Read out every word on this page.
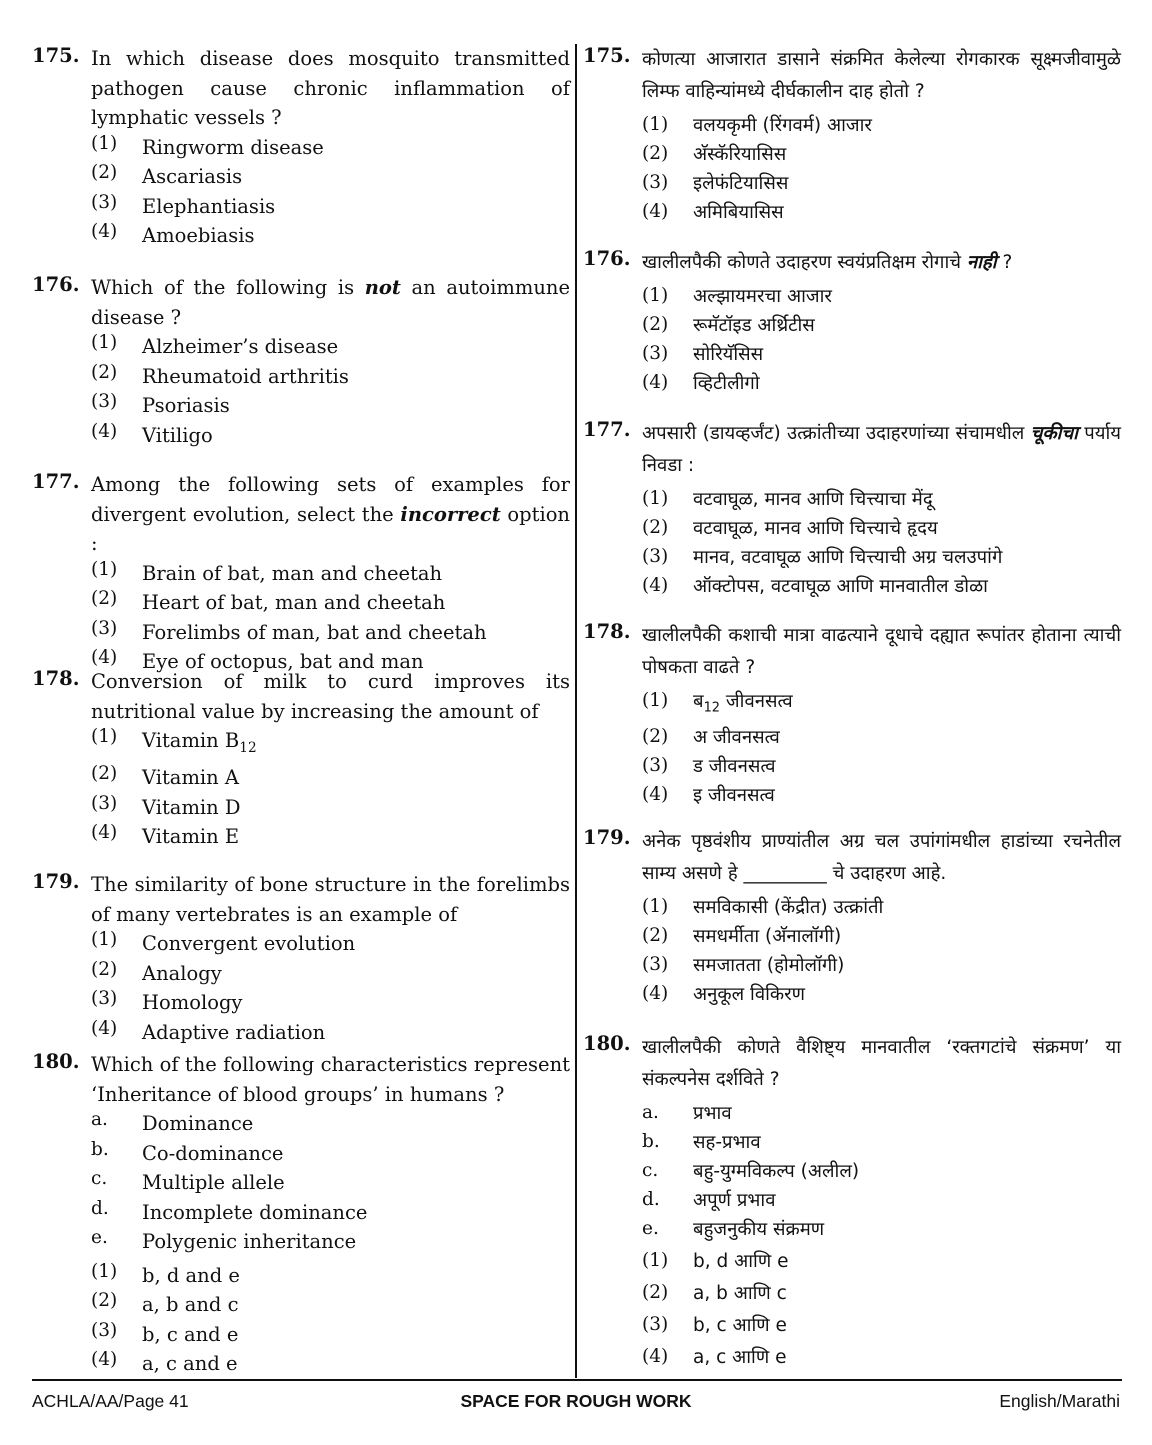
175. In which disease does mosquito transmitted pathogen cause chronic inflammation of lymphatic vessels ?
(1)	Ringworm disease
(2)	Ascariasis
(3)	Elephantiasis
(4)	Amoebiasis
176. Which of the following is not an autoimmune disease ?
(1)	Alzheimer’s disease
(2)	Rheumatoid arthritis
(3)	Psoriasis
(4)	Vitiligo
177. Among the following sets of examples for divergent evolution, select the incorrect option :
(1)	Brain of bat, man and cheetah
(2)	Heart of bat, man and cheetah
(3)	Forelimbs of man, bat and cheetah
(4)	Eye of octopus, bat and man
178. Conversion of milk to curd improves its nutritional value by increasing the amount of
(1)	Vitamin $B_{12}$
(2)	Vitamin A
(3)	Vitamin D
(4)	Vitamin E
179. The similarity of bone structure in the forelimbs of many vertebrates is an example of
(1)	Convergent evolution
(2)	Analogy
(3)	Homology
(4)	Adaptive radiation
180. Which of the following characteristics represent ‘Inheritance of blood groups’ in humans ?
a.	Dominance
b.	Co-dominance
c.	Multiple allele
d.	Incomplete dominance
e.	Polygenic inheritance
(1)	b, d and e
(2)	a, b and c
(3)	b, c and e
(4)	a, c and e
175. कोणत्या आजारात डासाने संक्रमित केलेल्या रोगकारक सूक्ष्मजीवामुळे लिम्फ वाहिन्यांमध्ये दीर्घकालीन दाह होतो ?
(1)	वलयकृमी (रिंगवर्म) आजार
(2)	अ‍ॅस्कॅरियासिस
(3)	इलेफंटियासिस
(4)	अमिबियासिस
176. खालीलपैकी कोणते उदाहरण स्वयंप्रतिक्षम रोगाचे नाही ?
(1)	अल्झायमरचा आजार
(2)	रूमॅटॉइड अर्थ्रिटीस
(3)	सोरियॅसिस
(4)	व्हिटीलीगो
177. अपसारी (डायव्हर्जंट) उत्क्रांतीच्या उदाहरणांच्या संचामधील चूकीचा पर्याय निवडा :
(1)	वटवाघूळ, मानव आणि चित्त्याचा मेंदू
(2)	वटवाघूळ, मानव आणि चित्त्याचे हृदय
(3)	मानव, वटवाघूळ आणि चित्त्याची अग्र चलउपांगे
(4)	ऑक्टोपस, वटवाघूळ आणि मानवातील डोळा
178. खालीलपैकी कशाची मात्रा वाढत्याने दूधाचे दह्यात रूपांतर होताना त्याची पोषकता वाढते ?
(1)	ब$_{12}$ जीवनसत्व
(2)	अ जीवनसत्व
(3)	ड जीवनसत्व
(4)	इ जीवनसत्व
179. अनेक पृष्ठवंशीय प्राण्यांतील अग्र चल उपांगांमधील हाडांच्या रचनेतील साम्य असणे हे _________ चे उदाहरण आहे.
(1)	समविकासी (केंद्रीत) उत्क्रांती
(2)	समधर्मीता (अ‍ॅनालॉगी)
(3)	समजातता (होमोलॉगी)
(4)	अनुकूल विकिरण
180. खालीलपैकी कोणते वैशिष्ट्य मानवातील ‘रक्तगटांचे संक्रमण’ या संकल्पनेस दर्शविते ?
a.	प्रभाव
b.	सह-प्रभाव
c.	बहु-युग्मविकल्प (अलील)
d.	अपूर्ण प्रभाव
e.	बहुजनुकीय संक्रमण
(1)	b, d आणि e
(2)	a, b आणि c
(3)	b, c आणि e
(4)	a, c आणि e
ACHLA/AA/Page 41	SPACE FOR ROUGH WORK	English/Marathi
